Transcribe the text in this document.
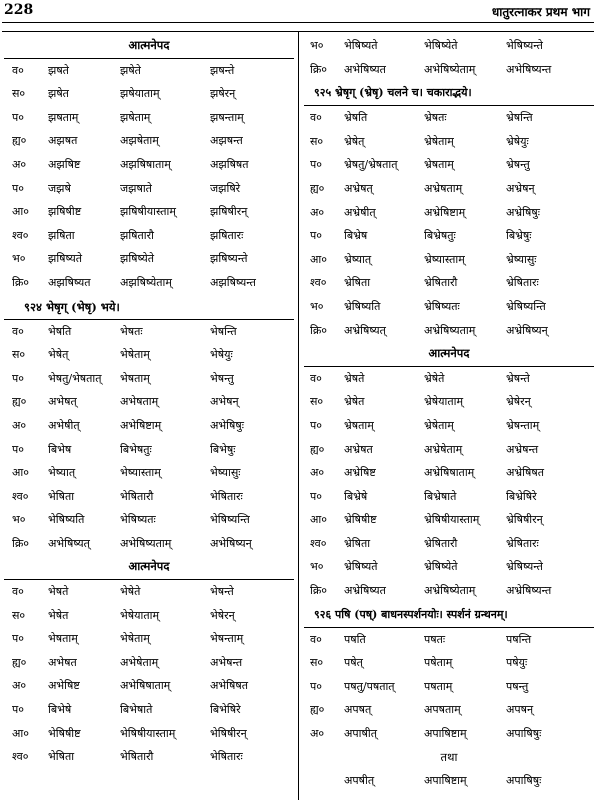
228	धातुरत्नाकर प्रथम भाग
आत्मनेपद
व० झषते	झषेते	झषन्ते
स० झषेत	झषेयाताम्	झषेरन्
प० झषताम्	झषेताम्	झषन्ताम्
ह्य० अझषत	अझषेताम्	अझषन्त
अ० अझषिष्ट	अझषिषाताम्	अझषिषत
प० जझषे	जझषाते	जझषिरे
आ० झषिषीष्ट	झषिषीयास्ताम्	झषिषीरन्
श्व० झषिता	झषितारौ	झषितारः
भ० झषिष्यते	झषिष्येते	झषिष्यन्ते
क्रि० अझषिष्यत	अझषिष्येताम्	अझषिष्यन्त
९२४ भेषृग् (भेषृ) भये।
व० भेषति	भेषतः	भेषन्ति
स० भेषेत्	भेषेताम्	भेषेयुः
प० भेषतु/भेषतात् भेषताम्	भेषन्तु
ह्य० अभेषत्	अभेषताम्	अभेषन्
अ० अभेषीत्	अभेषिष्टाम्	अभेषिषुः
प० बिभेष	बिभेषतुः	बिभेषुः
आ० भेष्यात्	भेष्यास्ताम्	भेष्यासुः
श्व० भेषिता	भेषितारौ	भेषितारः
भ० भेषिष्यति	भेषिष्यतः	भेषिष्यन्ति
क्रि० अभेषिष्यत्	अभेषिष्यताम्	अभेषिष्यन्
आत्मनेपद
व० भेषते	भेषेते	भेषन्ते
स० भेषेत	भेषेयाताम्	भेषेरन्
प० भेषताम्	भेषेताम्	भेषन्ताम्
ह्य० अभेषत	अभेषेताम्	अभेषन्त
अ० अभेषिष्ट	अभेषिषाताम्	अभेषिषत
प० बिभेषे	बिभेषाते	बिभेषिरे
आ० भेषिषीष्ट	भेषिषीयास्ताम्	भेषिषीरन्
श्व० भेषिता	भेषितारौ	भेषितारः
भ० भेषिष्यते	भेषिष्येते	भेषिष्यन्ते
क्रि० अभेषिष्यत	अभेषिष्येताम्	अभेषिष्यन्त
९२५ भ्रेषृग् (भ्रेषृ) चलने च। चकाराद्भये।
व० भ्रेषति	भ्रेषतः	भ्रेषन्ति
स० भ्रेषेत्	भ्रेषेताम्	भ्रेषेयुः
प० भ्रेषतु/भ्रेषतात् भ्रेषताम्	भ्रेषन्तु
ह्य० अभ्रेषत्	अभ्रेषताम्	अभ्रेषन्
अ० अभ्रेषीत्	अभ्रेषिष्टाम्	अभ्रेषिषुः
प० बिभ्रेष	बिभ्रेषतुः	बिभ्रेषुः
आ० भ्रेष्यात्	भ्रेष्यास्ताम्	भ्रेष्यासुः
श्व० भ्रेषिता	भ्रेषितारौ	भ्रेषितारः
भ० भ्रेषिष्यति	भ्रेषिष्यतः	भ्रेषिष्यन्ति
क्रि० अभ्रेषिष्यत्	अभ्रेषिष्यताम्	अभ्रेषिष्यन्
आत्मनेपद
व० भ्रेषते	भ्रेषेते	भ्रेषन्ते
स० भ्रेषेत	भ्रेषेयाताम्	भ्रेषेरन्
प० भ्रेषताम्	भ्रेषेताम्	भ्रेषन्ताम्
ह्य० अभ्रेषत	अभ्रेषेताम्	अभ्रेषन्त
अ० अभ्रेषिष्ट	अभ्रेषिषाताम्	अभ्रेषिषत
प० बिभ्रेषे	बिभ्रेषाते	बिभ्रेषिरे
आ० भ्रेषिषीष्ट	भ्रेषिषीयास्ताम् भ्रेषिषीरन्
श्व० भ्रेषिता	भ्रेषितारौ	भ्रेषितारः
भ० भ्रेषिष्यते	भ्रेषिष्येते	भ्रेषिष्यन्ते
क्रि० अभ्रेषिष्यत	अभ्रेषिष्येताम्	अभ्रेषिष्यन्त
९२६ पषि (पष्) बाधनस्पर्शनयोः। स्पर्शनं ग्रन्थनम्।
व० पषति	पषतः	पषन्ति
स० पषेत्	पषेताम्	पषेयुः
प० पषतु/पषतात्	पषताम्	पषन्तु
ह्य० अपषत्	अपषताम्	अपषन्
अ० अपाषीत्	अपाषिष्टाम्	अपाषिषुः
तथा
अपषीत्	अपाषिष्टाम्	अपाषिषुः
